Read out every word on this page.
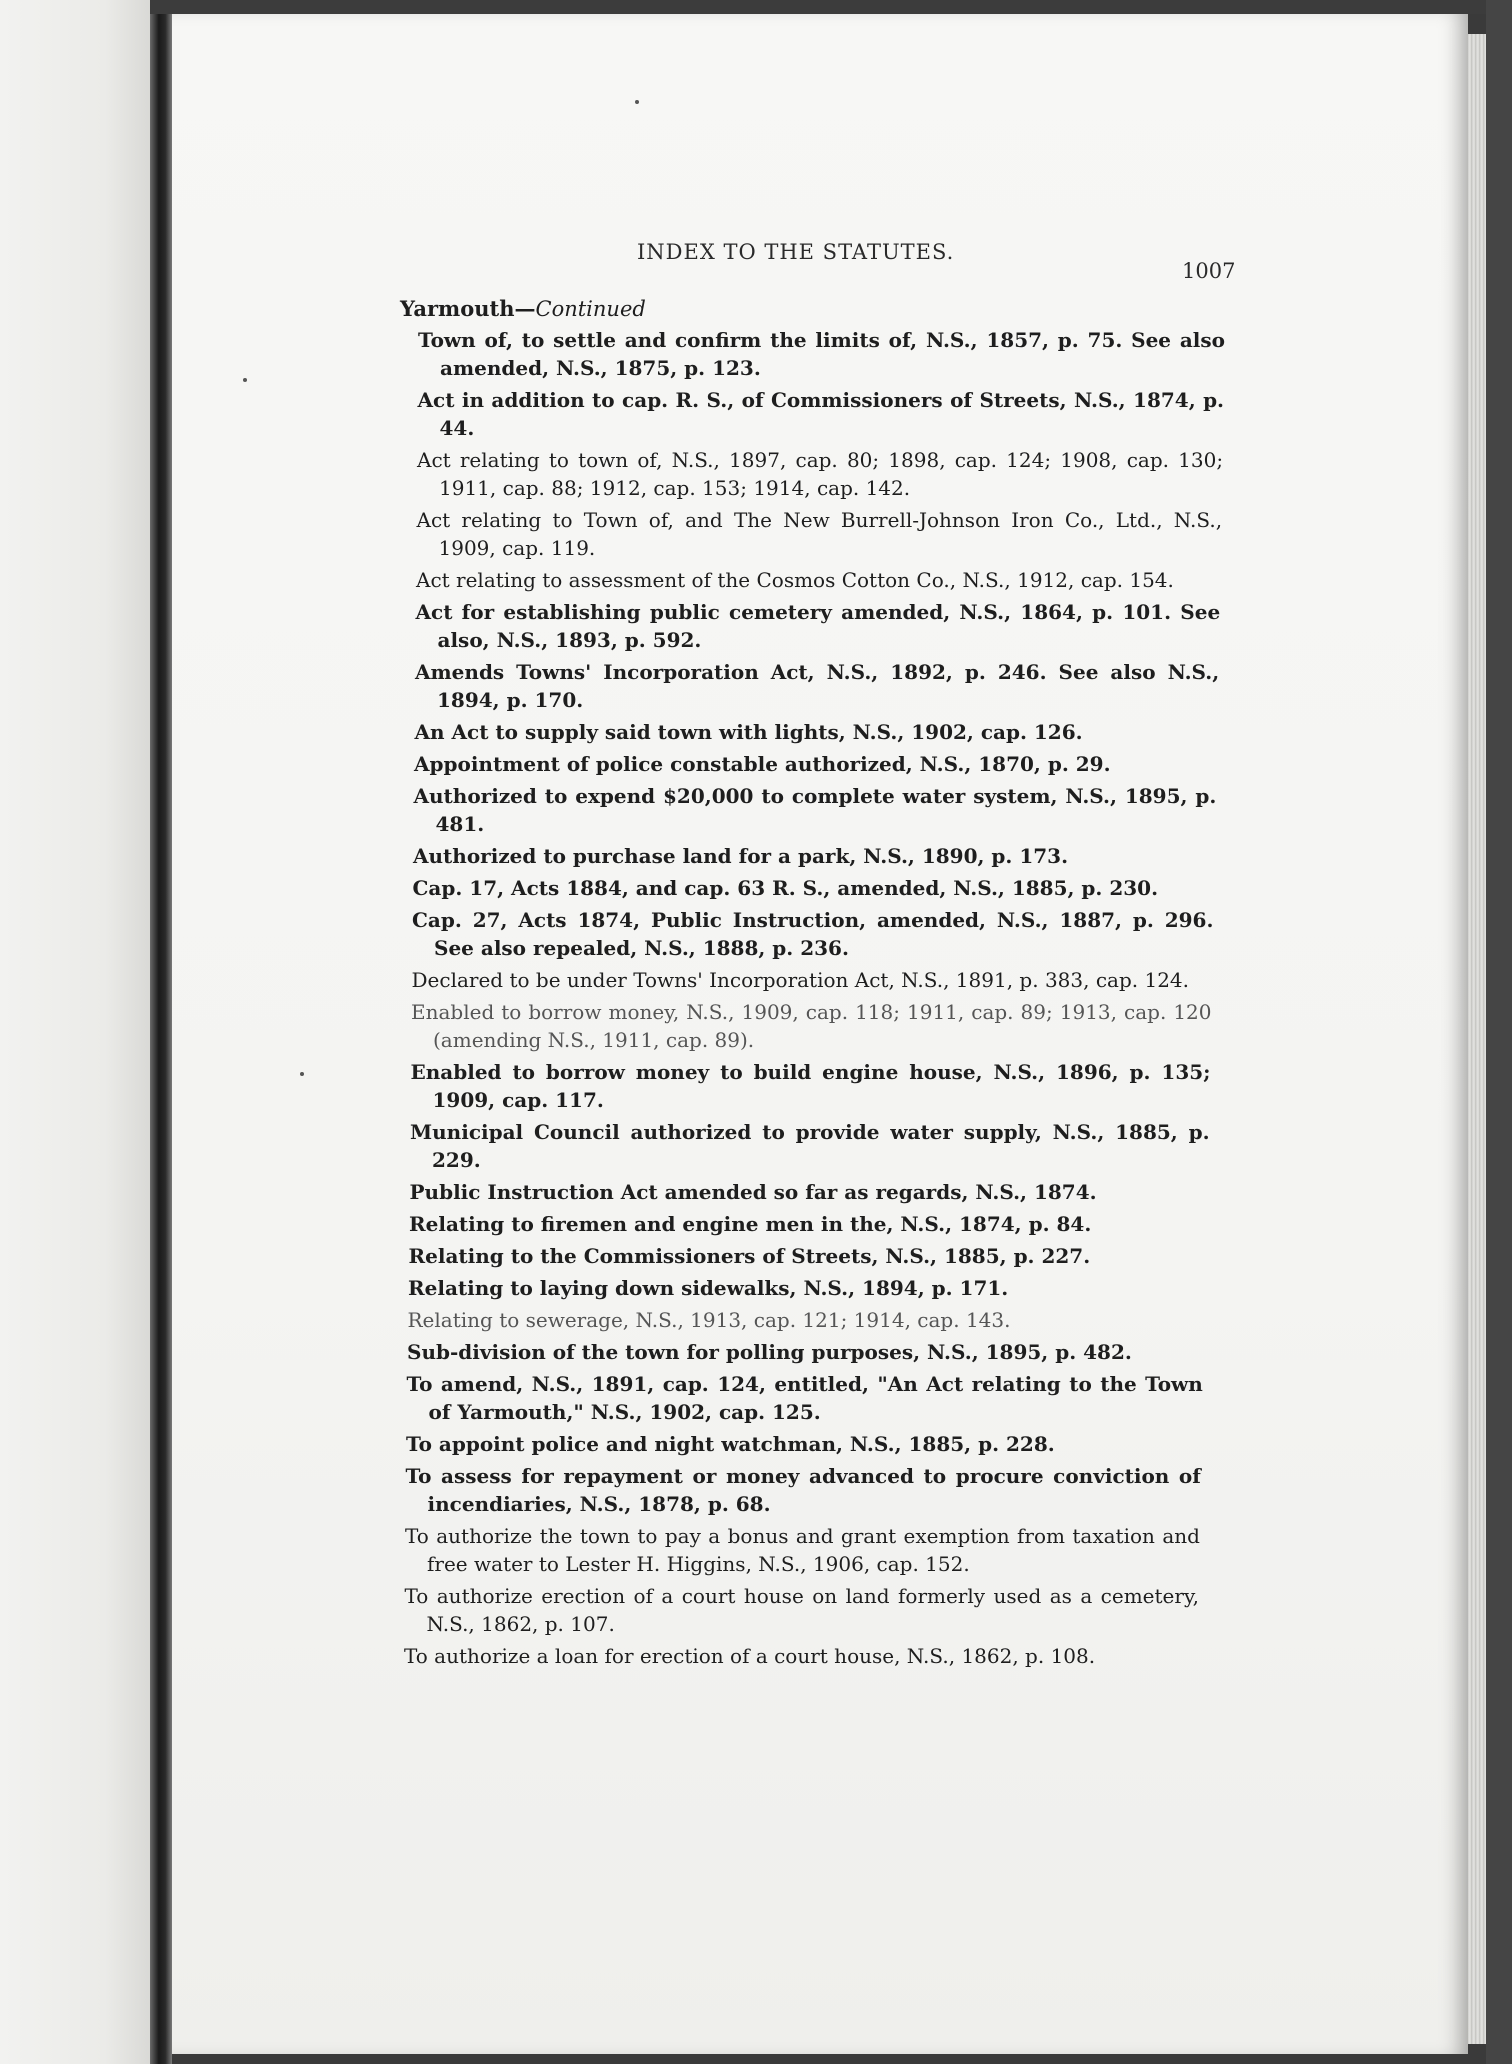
INDEX TO THE STATUTES.
1007
Yarmouth—Continued
Town of, to settle and confirm the limits of, N.S., 1857, p. 75. See also amended, N.S., 1875, p. 123.
Act in addition to cap. R. S., of Commissioners of Streets, N.S., 1874, p. 44.
Act relating to town of, N.S., 1897, cap. 80; 1898, cap. 124; 1908, cap. 130; 1911, cap. 88; 1912, cap. 153; 1914, cap. 142.
Act relating to Town of, and The New Burrell-Johnson Iron Co., Ltd., N.S., 1909, cap. 119.
Act relating to assessment of the Cosmos Cotton Co., N.S., 1912, cap. 154.
Act for establishing public cemetery amended, N.S., 1864, p. 101. See also, N.S., 1893, p. 592.
Amends Towns' Incorporation Act, N.S., 1892, p. 246. See also N.S., 1894, p. 170.
An Act to supply said town with lights, N.S., 1902, cap. 126.
Appointment of police constable authorized, N.S., 1870, p. 29.
Authorized to expend $20,000 to complete water system, N.S., 1895, p. 481.
Authorized to purchase land for a park, N.S., 1890, p. 173.
Cap. 17, Acts 1884, and cap. 63 R. S., amended, N.S., 1885, p. 230.
Cap. 27, Acts 1874, Public Instruction, amended, N.S., 1887, p. 296. See also repealed, N.S., 1888, p. 236.
Declared to be under Towns' Incorporation Act, N.S., 1891, p. 383, cap. 124.
Enabled to borrow money, N.S., 1909, cap. 118; 1911, cap. 89; 1913, cap. 120 (amending N.S., 1911, cap. 89).
Enabled to borrow money to build engine house, N.S., 1896, p. 135; 1909, cap. 117.
Municipal Council authorized to provide water supply, N.S., 1885, p. 229.
Public Instruction Act amended so far as regards, N.S., 1874.
Relating to firemen and engine men in the, N.S., 1874, p. 84.
Relating to the Commissioners of Streets, N.S., 1885, p. 227.
Relating to laying down sidewalks, N.S., 1894, p. 171.
Relating to sewerage, N.S., 1913, cap. 121; 1914, cap. 143.
Sub-division of the town for polling purposes, N.S., 1895, p. 482.
To amend, N.S., 1891, cap. 124, entitled, "An Act relating to the Town of Yarmouth," N.S., 1902, cap. 125.
To appoint police and night watchman, N.S., 1885, p. 228.
To assess for repayment or money advanced to procure conviction of incendiaries, N.S., 1878, p. 68.
To authorize the town to pay a bonus and grant exemption from taxation and free water to Lester H. Higgins, N.S., 1906, cap. 152.
To authorize erection of a court house on land formerly used as a cemetery, N.S., 1862, p. 107.
To authorize a loan for erection of a court house, N.S., 1862, p. 108.
